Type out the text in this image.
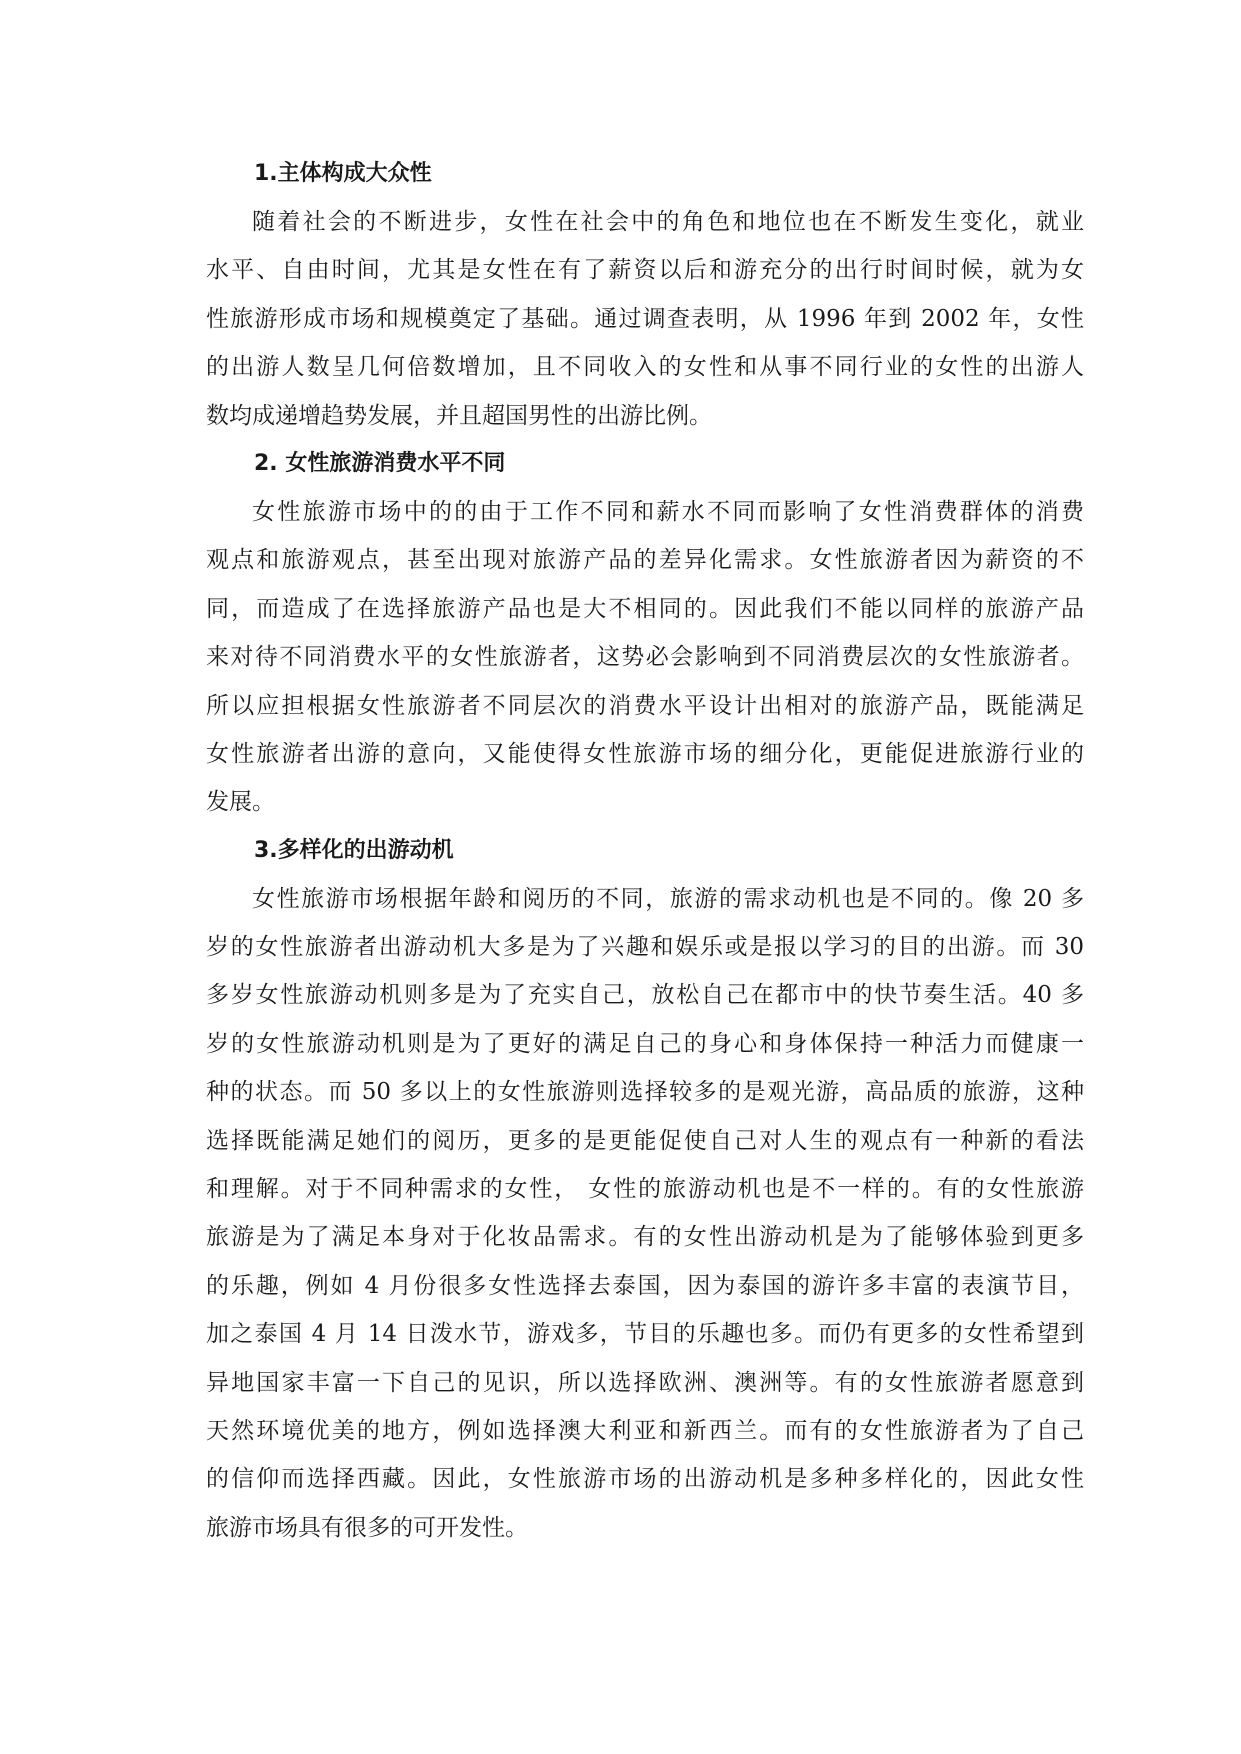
1.主体构成大众性
随着社会的不断进步，女性在社会中的角色和地位也在不断发生变化，就业
水平、自由时间，尤其是女性在有了薪资以后和游充分的出行时间时候，就为女
性旅游形成市场和规模奠定了基础。通过调查表明，从 1996 年到 2002 年，女性
的出游人数呈几何倍数增加，且不同收入的女性和从事不同行业的女性的出游人
数均成递增趋势发展，并且超国男性的出游比例。
2. 女性旅游消费水平不同
女性旅游市场中的的由于工作不同和薪水不同而影响了女性消费群体的消费
观点和旅游观点，甚至出现对旅游产品的差异化需求。女性旅游者因为薪资的不
同，而造成了在选择旅游产品也是大不相同的。因此我们不能以同样的旅游产品
来对待不同消费水平的女性旅游者，这势必会影响到不同消费层次的女性旅游者。
所以应担根据女性旅游者不同层次的消费水平设计出相对的旅游产品，既能满足
女性旅游者出游的意向，又能使得女性旅游市场的细分化，更能促进旅游行业的
发展。
3.多样化的出游动机
女性旅游市场根据年龄和阅历的不同，旅游的需求动机也是不同的。像 20 多
岁的女性旅游者出游动机大多是为了兴趣和娱乐或是报以学习的目的出游。而 30
多岁女性旅游动机则多是为了充实自己，放松自己在都市中的快节奏生活。40 多
岁的女性旅游动机则是为了更好的满足自己的身心和身体保持一种活力而健康一
种的状态。而 50 多以上的女性旅游则选择较多的是观光游，高品质的旅游，这种
选择既能满足她们的阅历，更多的是更能促使自己对人生的观点有一种新的看法
和理解。对于不同种需求的女性， 女性的旅游动机也是不一样的。有的女性旅游
旅游是为了满足本身对于化妆品需求。有的女性出游动机是为了能够体验到更多
的乐趣，例如 4 月份很多女性选择去泰国，因为泰国的游许多丰富的表演节目，
加之泰国 4 月 14 日泼水节，游戏多，节目的乐趣也多。而仍有更多的女性希望到
异地国家丰富一下自己的见识，所以选择欧洲、澳洲等。有的女性旅游者愿意到
天然环境优美的地方，例如选择澳大利亚和新西兰。而有的女性旅游者为了自己
的信仰而选择西藏。因此，女性旅游市场的出游动机是多种多样化的，因此女性
旅游市场具有很多的可开发性。
